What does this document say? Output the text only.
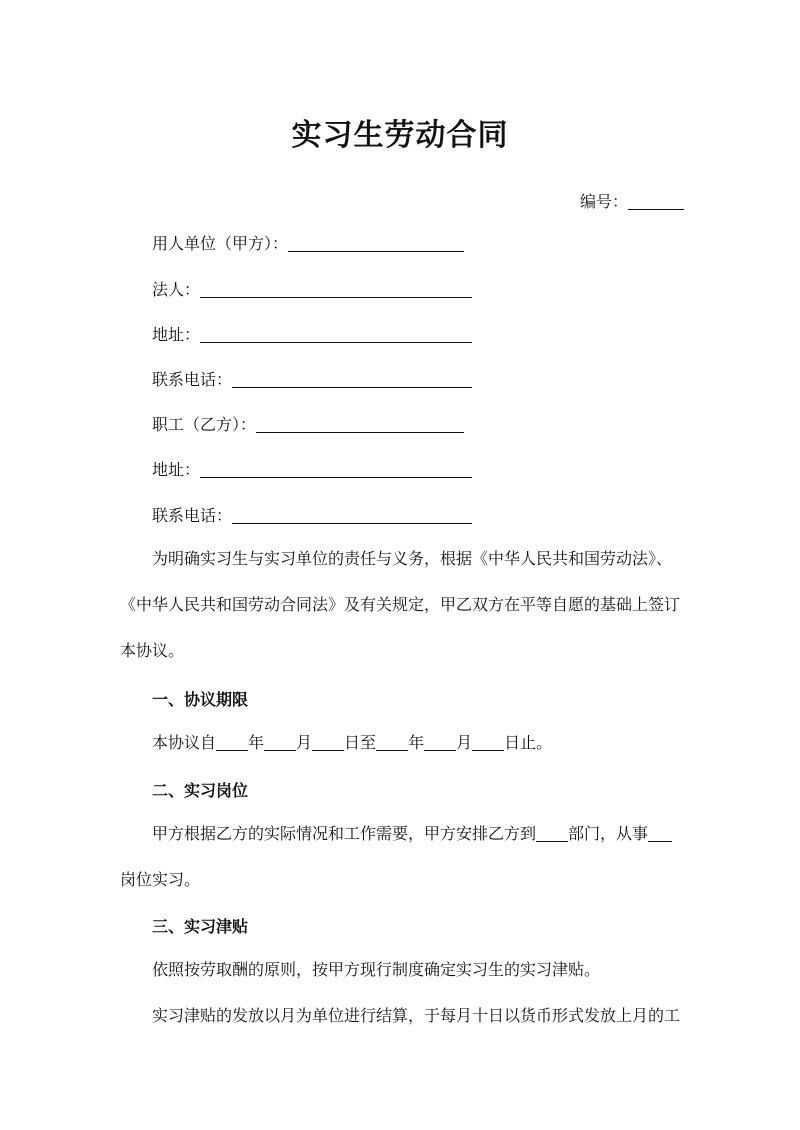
实习生劳动合同
编号：
用人单位（甲方）：
法人：
地址：
联系电话：
职工（乙方）：
地址：
联系电话：
为明确实习生与实习单位的责任与义务，根据《中华人民共和国劳动法》、
《中华人民共和国劳动合同法》及有关规定，甲乙双方在平等自愿的基础上签订
本协议。
一、协议期限
本协议自 年 月 日至 年 月 日止。
二、实习岗位
甲方根据乙方的实际情况和工作需要，甲方安排乙方到 部门，从事
岗位实习。
三、实习津贴
依照按劳取酬的原则，按甲方现行制度确定实习生的实习津贴。
实习津贴的发放以月为单位进行结算，于每月十日以货币形式发放上月的工
